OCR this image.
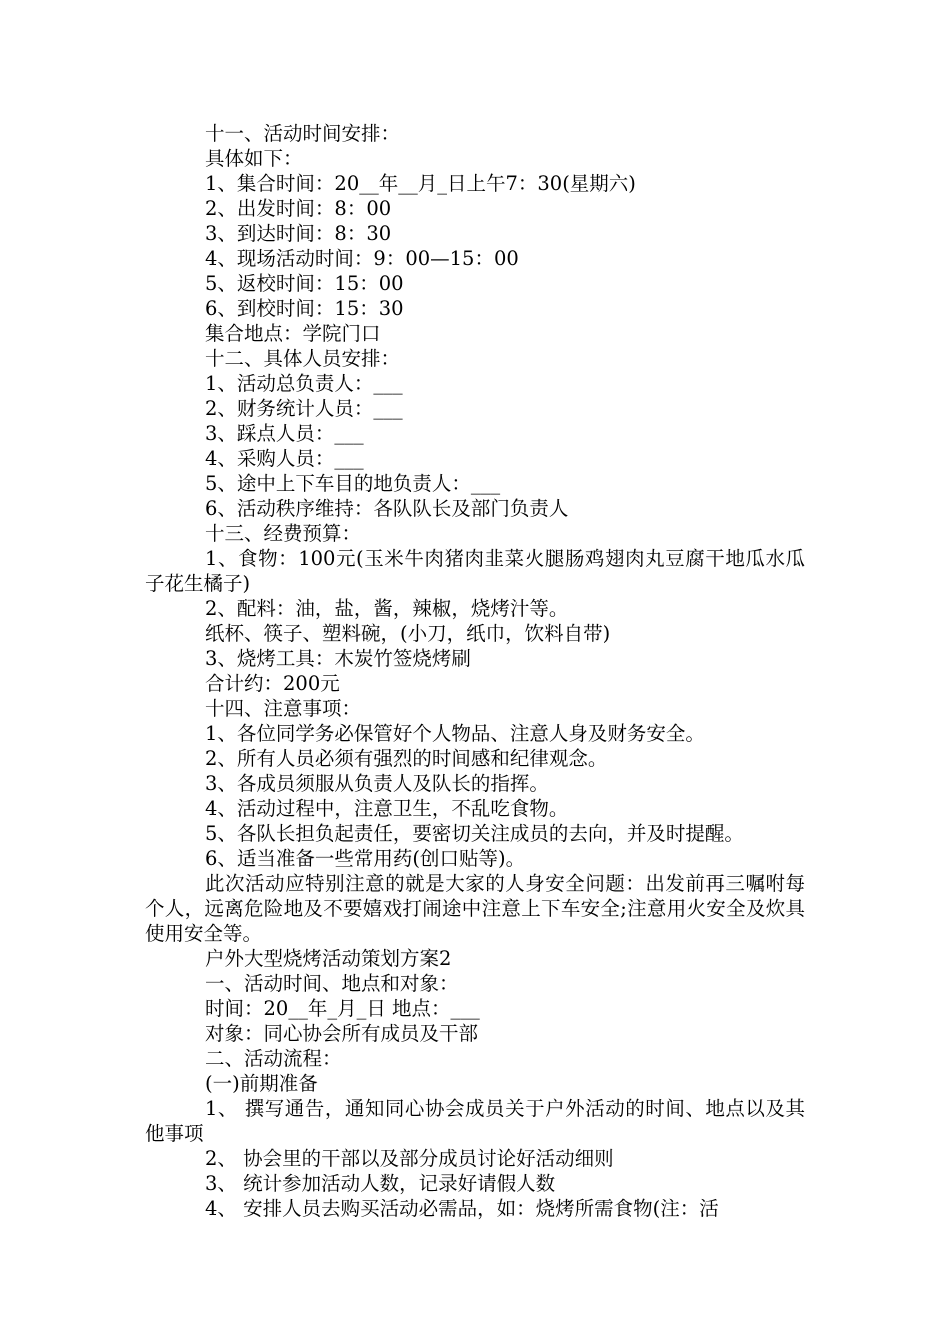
十一、活动时间安排：

具体如下：

1、集合时间：20__年__月_日上午7：30(星期六)

2、出发时间：8：00

3、到达时间：8：30

4、现场活动时间：9：00—15：00

5、返校时间：15：00

6、到校时间：15：30

集合地点：学院门口

十二、具体人员安排：

1、活动总负责人：___

2、财务统计人员：___

3、踩点人员：___

4、采购人员：___

5、途中上下车目的地负责人：___

6、活动秩序维持：各队队长及部门负责人

十三、经费预算：

1、食物：100元(玉米牛肉猪肉韭菜火腿肠鸡翅肉丸豆腐干地瓜水瓜子花生橘子)

2、配料：油，盐，酱，辣椒，烧烤汁等。

纸杯、筷子、塑料碗，(小刀，纸巾，饮料自带)

3、烧烤工具：木炭竹签烧烤刷

合计约：200元

十四、注意事项：

1、各位同学务必保管好个人物品、注意人身及财务安全。

2、所有人员必须有强烈的时间感和纪律观念。

3、各成员须服从负责人及队长的指挥。

4、活动过程中，注意卫生，不乱吃食物。

5、各队长担负起责任，要密切关注成员的去向，并及时提醒。

6、适当准备一些常用药(创口贴等)。

此次活动应特别注意的就是大家的人身安全问题：出发前再三嘱咐每个人，远离危险地及不要嬉戏打闹途中注意上下车安全;注意用火安全及炊具使用安全等。

户外大型烧烤活动策划方案2

一、活动时间、地点和对象：

时间：20__年_月_日 地点：___

对象：同心协会所有成员及干部

二、活动流程：

(一)前期准备

1、 撰写通告，通知同心协会成员关于户外活动的时间、地点以及其他事项

2、 协会里的干部以及部分成员讨论好活动细则

3、 统计参加活动人数，记录好请假人数

4、 安排人员去购买活动必需品，如：烧烤所需食物(注：活
